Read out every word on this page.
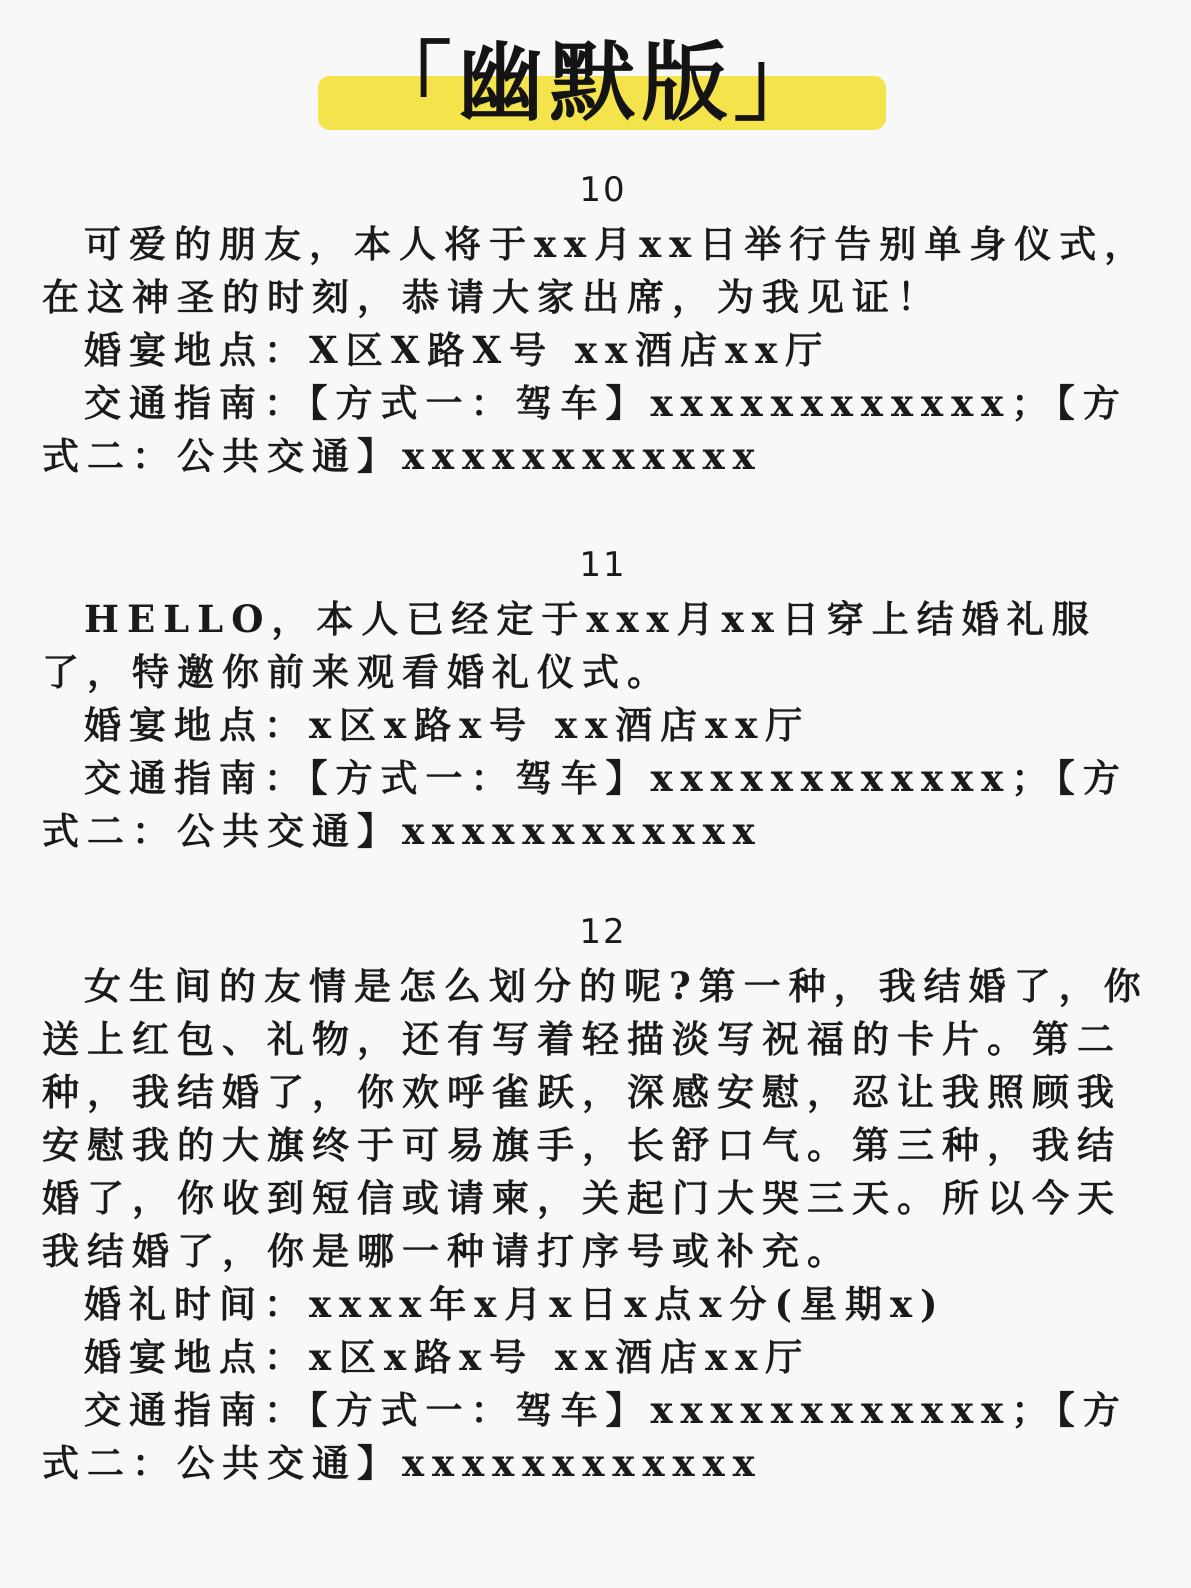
「幽默版」
10

可爱的朋友，本人将于xx月xx日举行告别单身仪式，在这神圣的时刻，恭请大家出席，为我见证！

婚宴地点：X区X路X号 xx酒店xx厅

交通指南：【方式一：驾车】xxxxxxxxxxxx；【方式二：公共交通】xxxxxxxxxxxx

11

HELLO，本人已经定于xxx月xx日穿上结婚礼服了，特邀你前来观看婚礼仪式。

婚宴地点：x区x路x号 xx酒店xx厅

交通指南：【方式一：驾车】xxxxxxxxxxxx；【方式二：公共交通】xxxxxxxxxxxx

12

女生间的友情是怎么划分的呢?第一种，我结婚了，你送上红包、礼物，还有写着轻描淡写祝福的卡片。第二种，我结婚了，你欢呼雀跃，深感安慰，忍让我照顾我安慰我的大旗终于可易旗手，长舒口气。第三种，我结婚了，你收到短信或请柬，关起门大哭三天。所以今天我结婚了，你是哪一种请打序号或补充。

婚礼时间：xxxx年x月x日x点x分(星期x)

婚宴地点：x区x路x号 xx酒店xx厅

交通指南：【方式一：驾车】xxxxxxxxxxxx；【方式二：公共交通】xxxxxxxxxxxx
